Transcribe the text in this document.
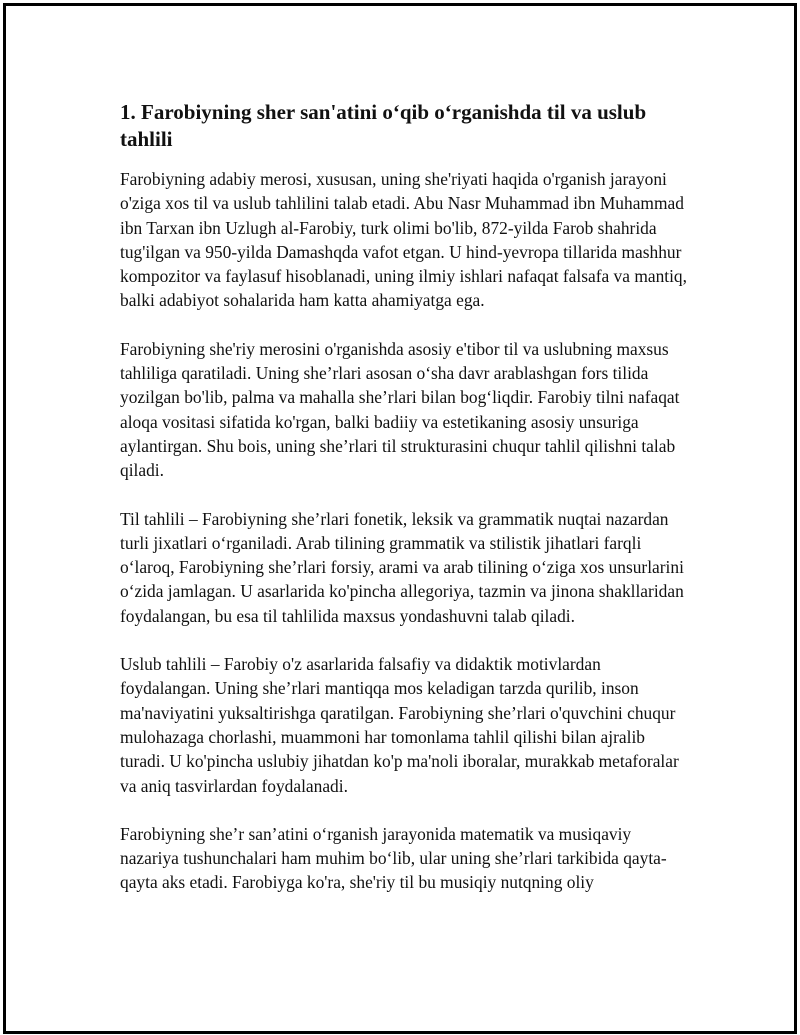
1. Farobiyning sher san'atini o‘qib o‘rganishda til va uslub tahlili

Farobiyning adabiy merosi, xususan, uning she'riyati haqida o'rganish jarayoni o'ziga xos til va uslub tahlilini talab etadi. Abu Nasr Muhammad ibn Muhammad ibn Tarxan ibn Uzlugh al-Farobiy, turk olimi bo'lib, 872-yilda Farob shahrida tug'ilgan va 950-yilda Damashqda vafot etgan. U hind-yevropa tillarida mashhur kompozitor va faylasuf hisoblanadi, uning ilmiy ishlari nafaqat falsafa va mantiq, balki adabiyot sohalarida ham katta ahamiyatga ega.

Farobiyning she'riy merosini o'rganishda asosiy e'tibor til va uslubning maxsus tahliliga qaratiladi. Uning she’rlari asosan o‘sha davr arablashgan fors tilida yozilgan bo'lib, palma va mahalla she’rlari bilan bog‘liqdir. Farobiy tilni nafaqat aloqa vositasi sifatida ko'rgan, balki badiiy va estetikaning asosiy unsuriga aylantirgan. Shu bois, uning she’rlari til strukturasini chuqur tahlil qilishni talab qiladi.

Til tahlili – Farobiyning she’rlari fonetik, leksik va grammatik nuqtai nazardan turli jixatlari o‘rganiladi. Arab tilining grammatik va stilistik jihatlari farqli o‘laroq, Farobiyning she’rlari forsiy, arami va arab tilining o‘ziga xos unsurlarini o‘zida jamlagan. U asarlarida ko'pincha allegoriya, tazmin va jinona shakllaridan foydalangan, bu esa til tahlilida maxsus yondashuvni talab qiladi.

Uslub tahlili – Farobiy o'z asarlarida falsafiy va didaktik motivlardan foydalangan. Uning she’rlari mantiqqa mos keladigan tarzda qurilib, inson ma'naviyatini yuksaltirishga qaratilgan. Farobiyning she’rlari o'quvchini chuqur mulohazaga chorlashi, muammoni har tomonlama tahlil qilishi bilan ajralib turadi. U ko'pincha uslubiy jihatdan ko'p ma'noli iboralar, murakkab metaforalar va aniq tasvirlardan foydalanadi.

Farobiyning she’r san’atini o‘rganish jarayonida matematik va musiqaviy nazariya tushunchalari ham muhim bo‘lib, ular uning she’rlari tarkibida qayta-qayta aks etadi. Farobiyga ko'ra, she'riy til bu musiqiy nutqning oliy
